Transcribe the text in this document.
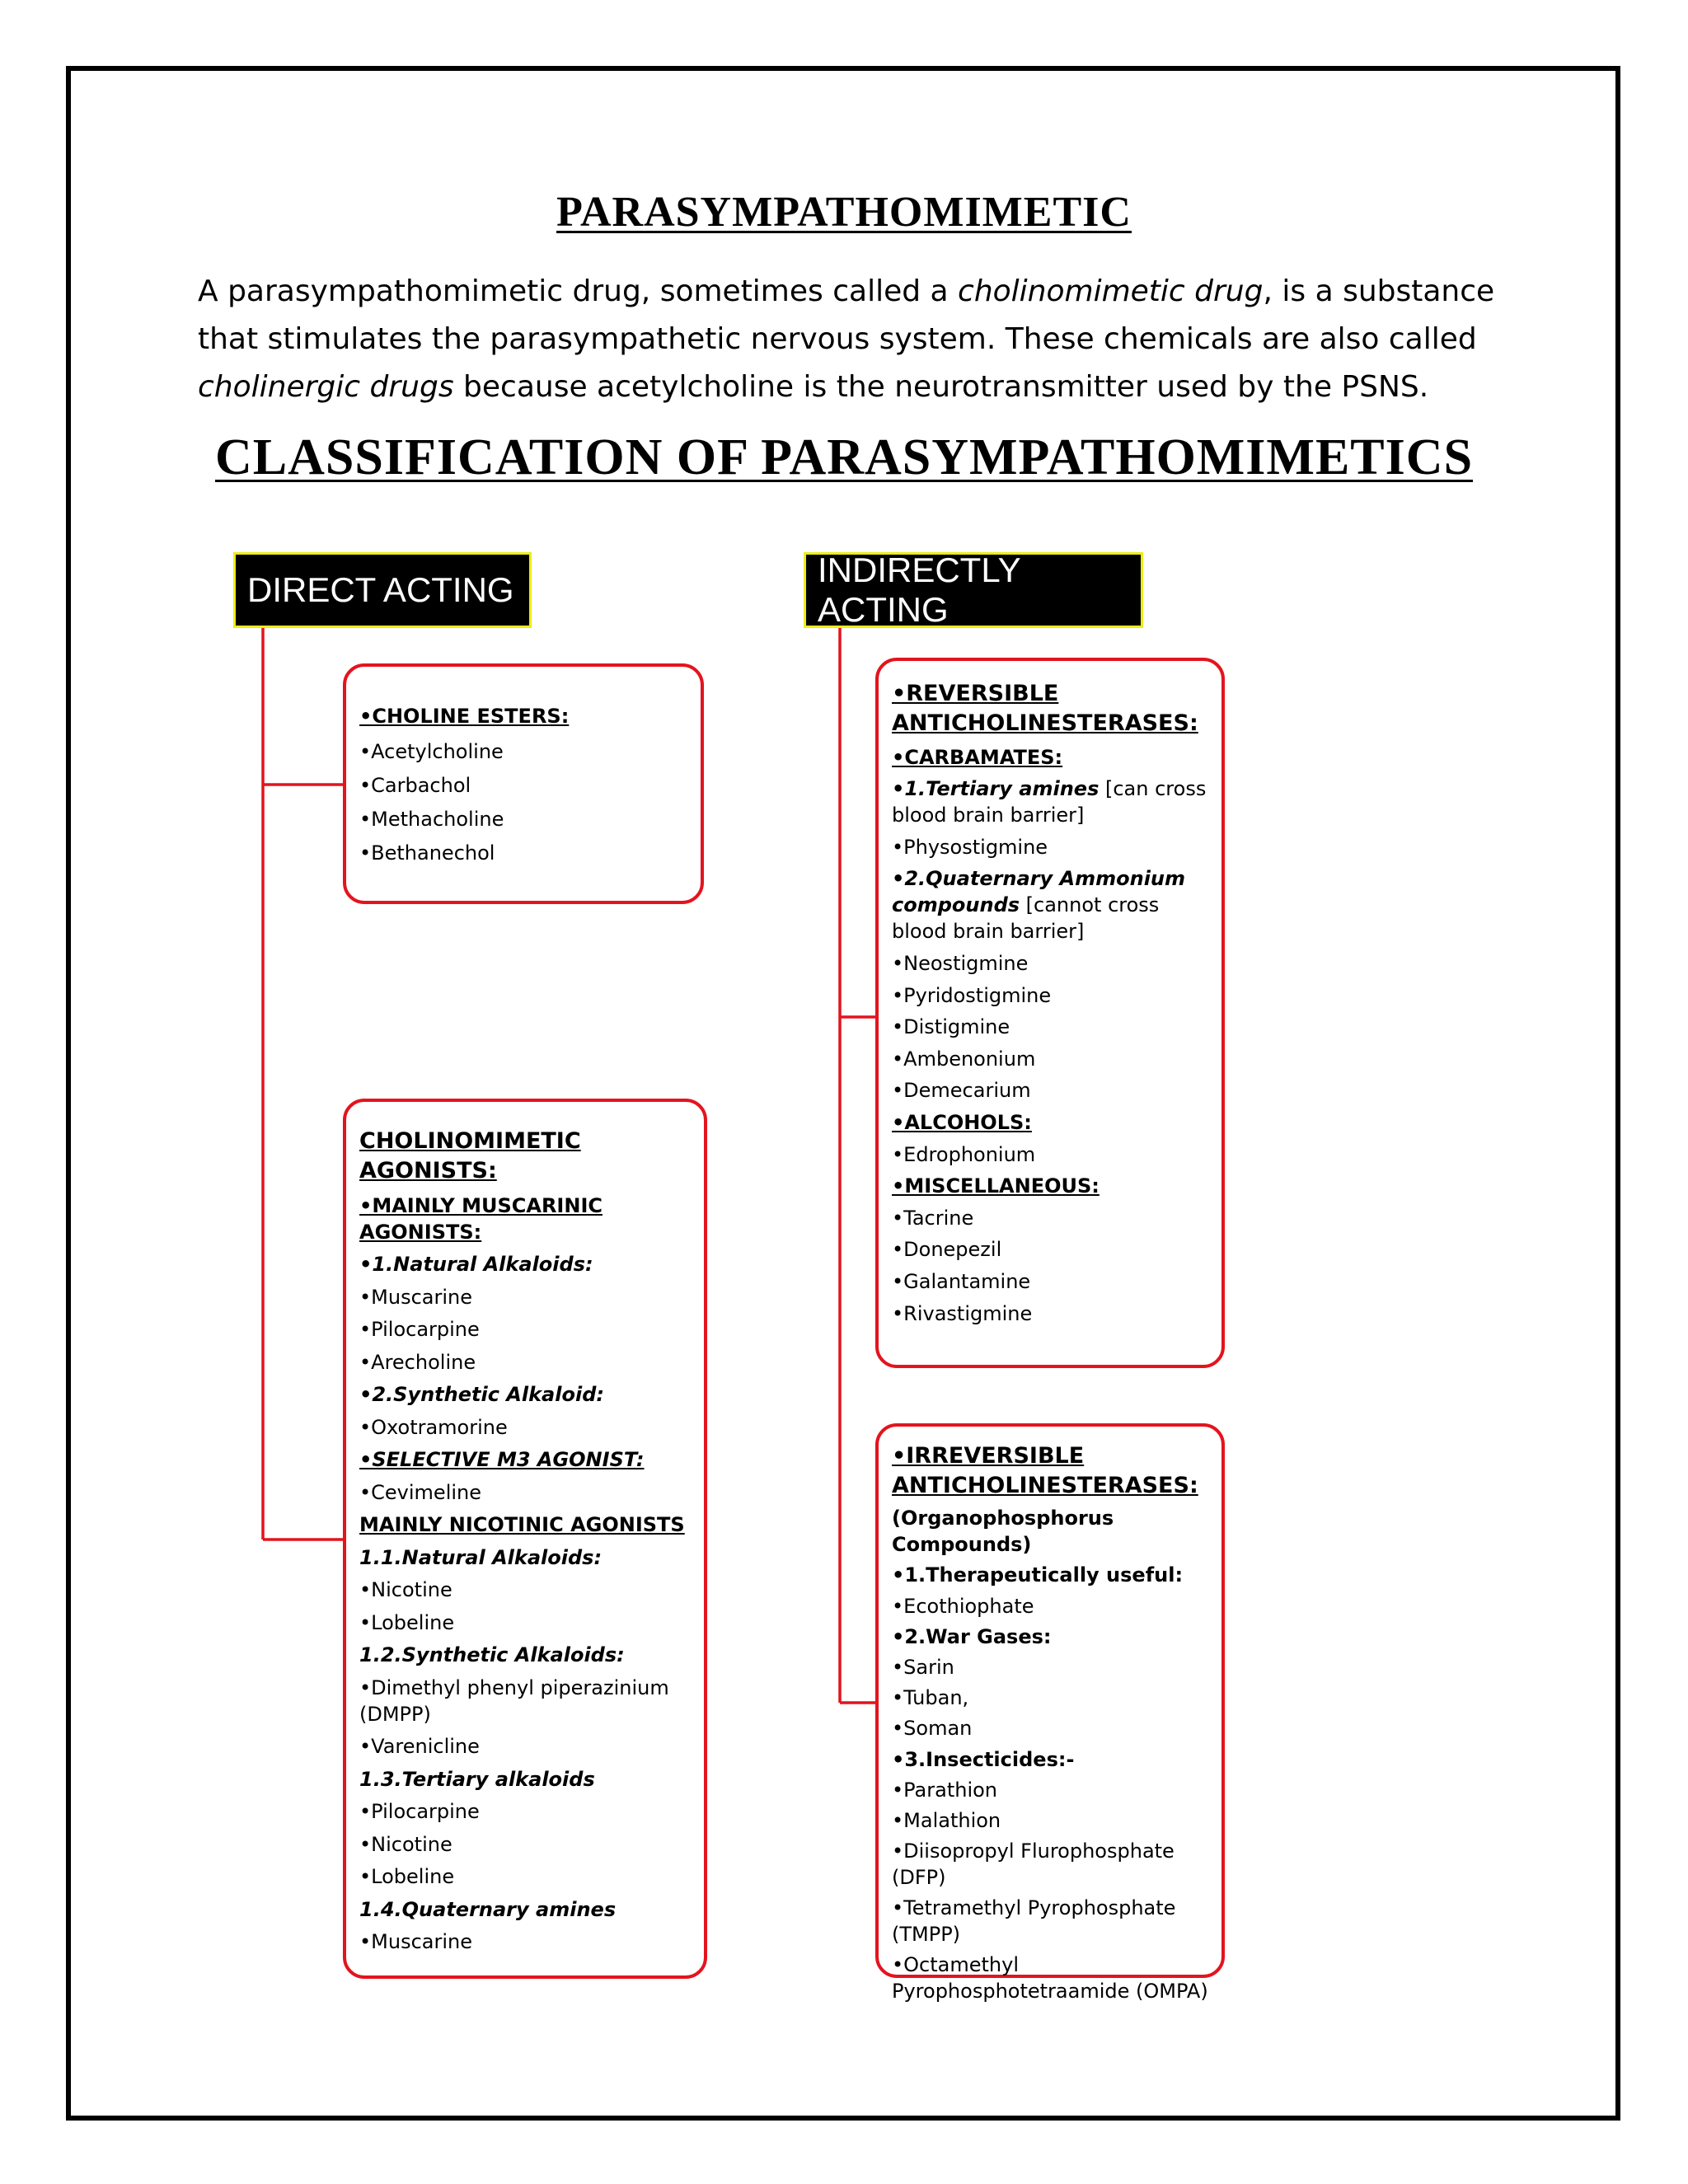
PARASYMPATHOMIMETIC

A parasympathomimetic drug, sometimes called a cholinomimetic drug, is a substance

that stimulates the parasympathetic nervous system. These chemicals are also called

cholinergic drugs because acetylcholine is the neurotransmitter used by the PSNS.

CLASSIFICATION OF PARASYMPATHOMIMETICS
DIRECT ACTING
INDIRECTLY ACTING
•CHOLINE ESTERS:
•Acetylcholine
•Carbachol
•Methacholine
•Bethanechol
CHOLINOMIMETIC AGONISTS:
•MAINLY MUSCARINIC AGONISTS:
•1.Natural Alkaloids:
•Muscarine
•Pilocarpine
•Arecholine
•2.Synthetic Alkaloid:
•Oxotramorine
•SELECTIVE M3 AGONIST:
•Cevimeline
MAINLY NICOTINIC AGONISTS
1.1.Natural Alkaloids:
•Nicotine
•Lobeline
1.2.Synthetic Alkaloids:
•Dimethyl phenyl piperazinium (DMPP)
•Varenicline
1.3.Tertiary alkaloids
•Pilocarpine
•Nicotine
•Lobeline
1.4.Quaternary amines
•Muscarine
•REVERSIBLE ANTICHOLINESTERASES:
•CARBAMATES:
•1.Tertiary amines [can cross blood brain barrier]
•Physostigmine
•2.Quaternary Ammonium compounds [cannot cross blood brain barrier]
•Neostigmine
•Pyridostigmine
•Distigmine
•Ambenonium
•Demecarium
•ALCOHOLS:
•Edrophonium
•MISCELLANEOUS:
•Tacrine
•Donepezil
•Galantamine
•Rivastigmine
•IRREVERSIBLE ANTICHOLINESTERASES:
(Organophosphorus Compounds)
•1.Therapeutically useful:
•Ecothiophate
•2.War Gases:
•Sarin
•Tuban,
•Soman
•3.Insecticides:-
•Parathion
•Malathion
•Diisopropyl Flurophosphate (DFP)
•Tetramethyl Pyrophosphate (TMPP)
•Octamethyl Pyrophosphotetraamide (OMPA)
